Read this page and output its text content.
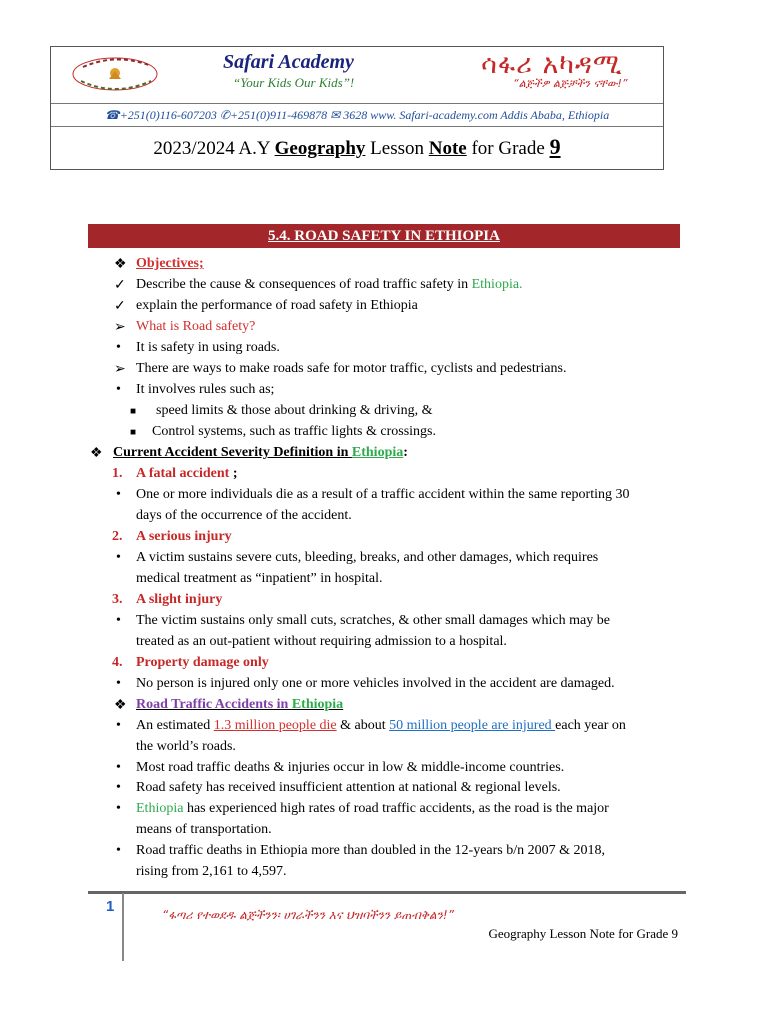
Safari Academy
“Your Kids Our Kids”!
ሳፋሪ አካዳሚ
“ልጅችዎ ልጅቻችን ናቸው!”
☎+251(0)116-607203 ✆+251(0)911-469878 ✉ 3628 www. Safari-academy.com Addis Ababa, Ethiopia
2023/2024 A.Y Geography Lesson Note for Grade 9
5.4. ROAD SAFETY IN ETHIOPIA
❖ Objectives;
✓ Describe the cause & consequences of road traffic safety in Ethiopia.
✓ explain the performance of road safety in Ethiopia
➢ What is Road safety?
•	It is safety in using roads.
➢ There are ways to make roads safe for motor traffic, cyclists and pedestrians.
•	It involves rules such as;
■	speed limits & those about drinking & driving, &
■	Control systems, such as traffic lights & crossings.
❖ Current Accident Severity Definition in Ethiopia:
1. A fatal accident ;
•	One or more individuals die as a result of a traffic accident within the same reporting 30
days of the occurrence of the accident.
2. A serious injury
•	A victim sustains severe cuts, bleeding, breaks, and other damages, which requires
medical treatment as “inpatient” in hospital.
3. A slight injury
•	The victim sustains only small cuts, scratches, & other small damages which may be
treated as an out-patient without requiring admission to a hospital.
4. Property damage only
•	No person is injured only one or more vehicles involved in the accident are damaged.
❖ Road Traffic Accidents in Ethiopia
•	An estimated 1.3 million people die & about 50 million people are injured each year on
the world’s roads.
•	Most road traffic deaths & injuries occur in low & middle-income countries.
•	Road safety has received insufficient attention at national & regional levels.
•	Ethiopia has experienced high rates of road traffic accidents, as the road is the major
means of transportation.
•	Road traffic deaths in Ethiopia more than doubled in the 12-years b/n 2007 & 2018,
rising from 2,161 to 4,597.
1	“ፋጣሪ የተወደዱ ልጅችንን፡ ሀገራችንን እና ህዝባችንን ይጠብቅልን!”
Geography Lesson Note for Grade 9
